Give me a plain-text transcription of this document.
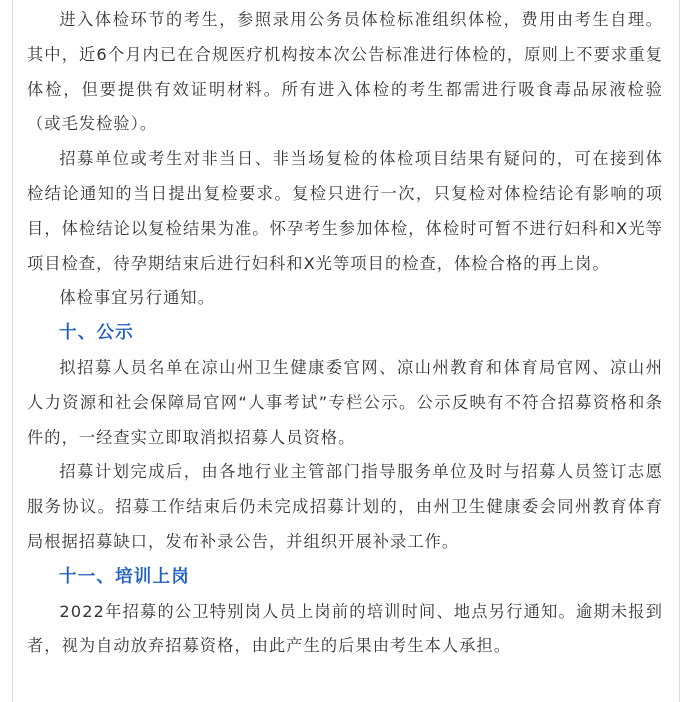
进入体检环节的考生，参照录用公务员体检标准组织体检，费用由考生自理。其中，近6个月内已在合规医疗机构按本次公告标准进行体检的，原则上不要求重复体检，但要提供有效证明材料。所有进入体检的考生都需进行吸食毒品尿液检验（或毛发检验）。

招募单位或考生对非当日、非当场复检的体检项目结果有疑问的，可在接到体检结论通知的当日提出复检要求。复检只进行一次，只复检对体检结论有影响的项目，体检结论以复检结果为准。怀孕考生参加体检，体检时可暂不进行妇科和X光等项目检查，待孕期结束后进行妇科和X光等项目的检查，体检合格的再上岗。

体检事宜另行通知。

十、公示

拟招募人员名单在凉山州卫生健康委官网、凉山州教育和体育局官网、凉山州人力资源和社会保障局官网“人事考试”专栏公示。公示反映有不符合招募资格和条件的，一经查实立即取消拟招募人员资格。

招募计划完成后，由各地行业主管部门指导服务单位及时与招募人员签订志愿服务协议。招募工作结束后仍未完成招募计划的，由州卫生健康委会同州教育体育局根据招募缺口，发布补录公告，并组织开展补录工作。

十一、培训上岗

2022年招募的公卫特别岗人员上岗前的培训时间、地点另行通知。逾期未报到者，视为自动放弃招募资格，由此产生的后果由考生本人承担。
